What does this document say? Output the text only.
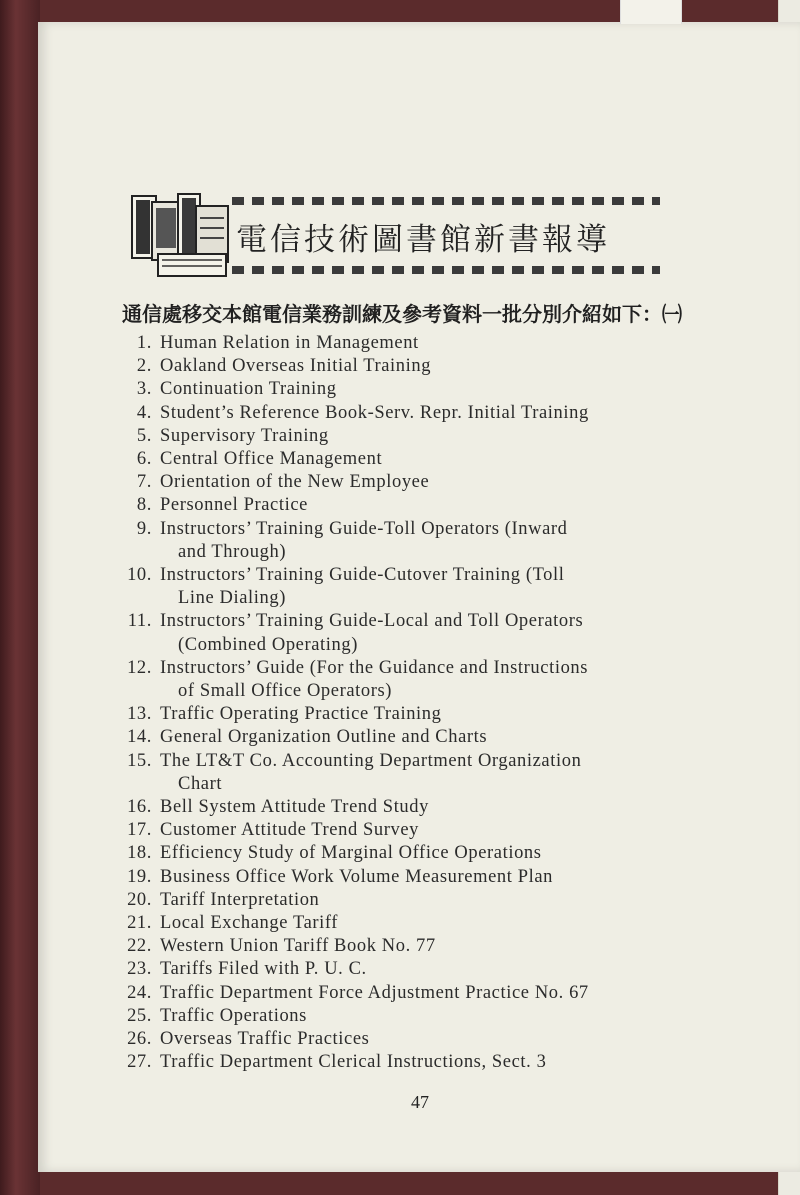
電信技術圖書館新書報導
通信處移交本館電信業務訓練及參考資料一批分別介紹如下：㈠
1. Human Relation in Management
2. Oakland Overseas Initial Training
3. Continuation Training
4. Student’s Reference Book-Serv. Repr. Initial Training
5. Supervisory Training
6. Central Office Management
7. Orientation of the New Employee
8. Personnel Practice
9. Instructors’ Training Guide-Toll Operators (Inward
and Through)
10. Instructors’ Training Guide-Cutover Training (Toll
Line Dialing)
11. Instructors’ Training Guide-Local and Toll Operators
(Combined Operating)
12. Instructors’ Guide (For the Guidance and Instructions
of Small Office Operators)
13. Traffic Operating Practice Training
14. General Organization Outline and Charts
15. The LT&T Co. Accounting Department Organization
Chart
16. Bell System Attitude Trend Study
17. Customer Attitude Trend Survey
18. Efficiency Study of Marginal Office Operations
19. Business Office Work Volume Measurement Plan
20. Tariff Interpretation
21. Local Exchange Tariff
22. Western Union Tariff Book No. 77
23. Tariffs Filed with P. U. C.
24. Traffic Department Force Adjustment Practice No. 67
25. Traffic Operations
26. Overseas Traffic Practices
27. Traffic Department Clerical Instructions, Sect. 3
47
